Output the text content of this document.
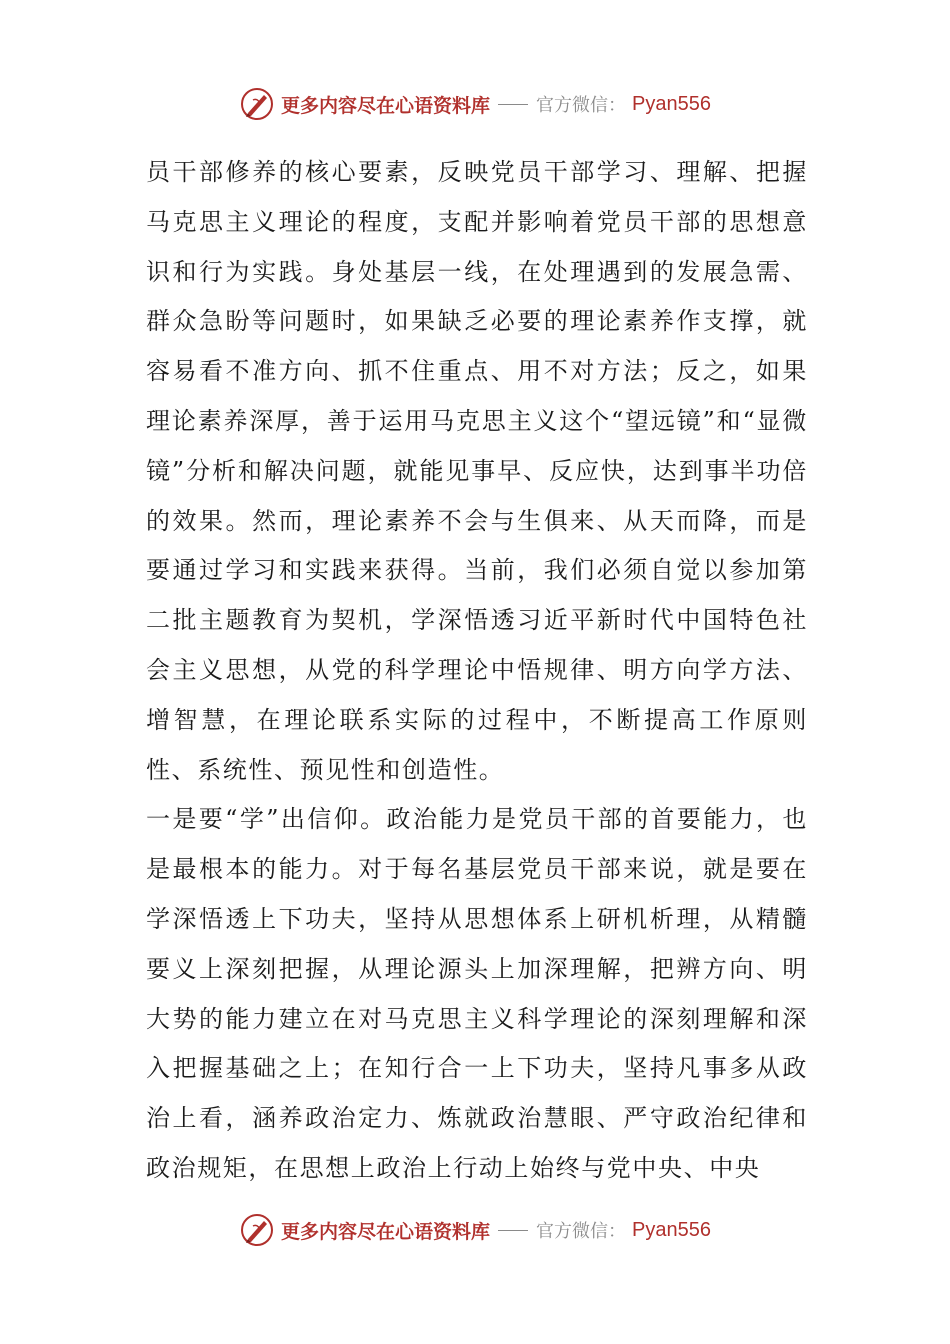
更多内容尽在心语资料库	官方微信： Pyan556

员干部修养的核心要素，反映党员干部学习、理解、把握马克思主义理论的程度，支配并影响着党员干部的思想意识和行为实践。身处基层一线，在处理遇到的发展急需、群众急盼等问题时，如果缺乏必要的理论素养作支撑，就容易看不准方向、抓不住重点、用不对方法；反之，如果理论素养深厚，善于运用马克思主义这个“望远镜”和“显微镜”分析和解决问题，就能见事早、反应快，达到事半功倍的效果。然而，理论素养不会与生俱来、从天而降，而是要通过学习和实践来获得。当前，我们必须自觉以参加第二批主题教育为契机，学深悟透习近平新时代中国特色社会主义思想，从党的科学理论中悟规律、明方向学方法、增智慧，在理论联系实际的过程中，不断提高工作原则性、系统性、预见性和创造性。

一是要“学”出信仰。政治能力是党员干部的首要能力，也是最根本的能力。对于每名基层党员干部来说，就是要在学深悟透上下功夫，坚持从思想体系上研机析理，从精髓要义上深刻把握，从理论源头上加深理解，把辨方向、明大势的能力建立在对马克思主义科学理论的深刻理解和深入把握基础之上；在知行合一上下功夫，坚持凡事多从政治上看，涵养政治定力、炼就政治慧眼、严守政治纪律和政治规矩，在思想上政治上行动上始终与党中央、中央

更多内容尽在心语资料库	官方微信： Pyan556
